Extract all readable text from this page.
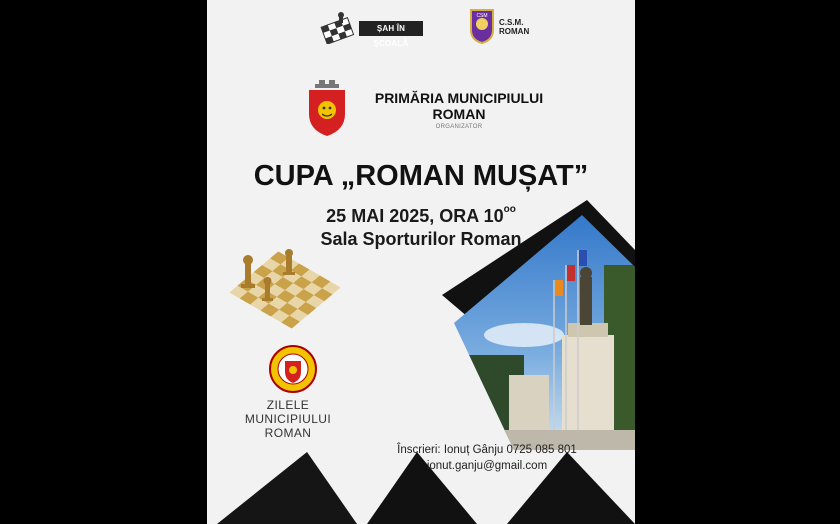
ȘAH ÎN ȘCOALĂ
CSM
C.S.M.
ROMAN
PRIMĂRIA MUNICIPIULUI
ROMAN
ORGANIZATOR
CUPA „ROMAN MUȘAT”
25 MAI 2025, ORA $10^{oo}$
Sala Sporturilor Roman
ZILELE
MUNICIPIULUI
ROMAN
Înscrieri: Ionuț Gânju 0725 085 801
ionut.ganju@gmail.com
